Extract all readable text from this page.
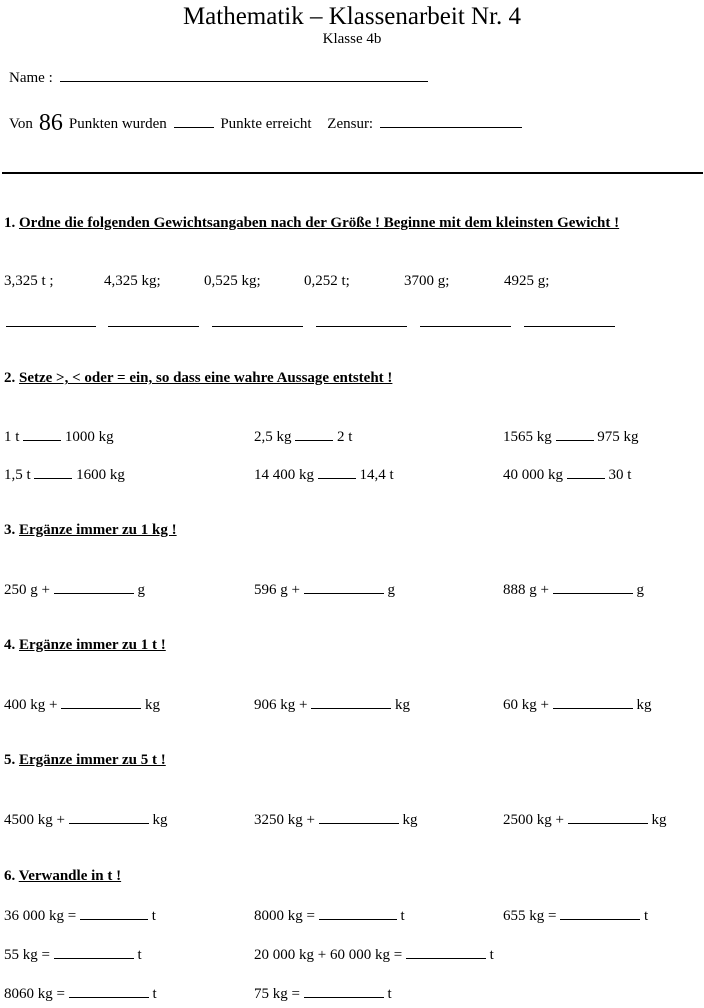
Mathematik – Klassenarbeit Nr. 4
Klasse 4b
Name :
Von 86 Punkten wurden	Punkte erreicht Zensur:
1. Ordne die folgenden Gewichtsangaben nach der Größe ! Beginne mit dem kleinsten Gewicht !
3,325 t ;	4,325 kg;	0,525 kg;	0,252 t;	3700 g;	4925 g;
2. Setze >, < oder = ein, so dass eine wahre Aussage entsteht !
1 t	1000 kg	2,5 kg	2 t	1565 kg	975 kg
1,5 t	1600 kg	14 400 kg	14,4 t	40 000 kg	30 t
3. Ergänze immer zu 1 kg !
250 g +	g	596 g +	g	888 g +	g
4. Ergänze immer zu 1 t !
400 kg +	kg	906 kg +	kg	60 kg +	kg
5. Ergänze immer zu 5 t !
4500 kg +	kg	3250 kg +	kg	2500 kg +	kg
6. Verwandle in t !
36 000 kg =	t	8000 kg =	t	655 kg =	t
55 kg =	t	20 000 kg + 60 000 kg =	t
8060 kg =	t	75 kg =	t
